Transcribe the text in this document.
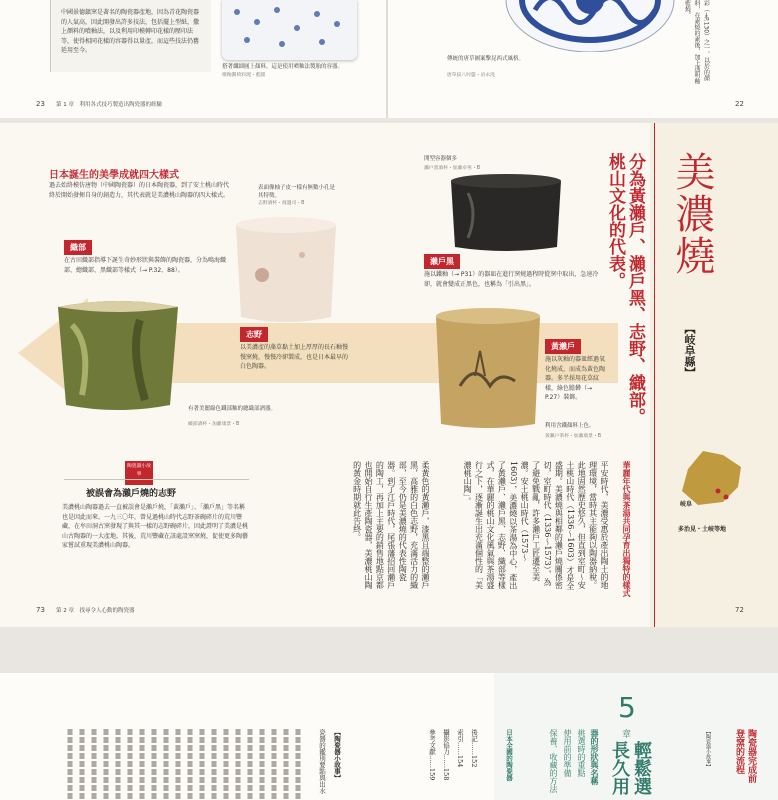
中國景德鎮窯是著名的陶瓷器產地，因為青花陶瓷器的人氣高，因此開發出許多技法，包括擺上型紙，撒上顏料的噴釉法，以及利用印模轉印花樣的壓印法等，使得相同花樣的容器得以量產，而這些技法仍舊延用至今。
搭著纖細圓上顏料，這是使用噴釉法製胎的容器。
噴釉圓椅料理・藍圓
傳統的唐草圖案擊昆西式風格。
唐草紋八吋盤・岩永洗	彩（→P.130）之一，以於的顏料，在素燒的素後，加上透明釉藍燒。
23 第 1 章　利用各式技巧製造出陶瓷器的經驗	22
日本誕生的美學成就四大樣式
過去始終模仿唐物（中國陶瓷器）的日本陶瓷器，到了安土桃山時代終於開始發揮自身的創造力，其代表就是美濃桃山陶器的四大樣式。
織部
在古田織部指導下誕生奇妙形狀與裝飾的陶瓷器，分為鳴海織部、總織部、黑織部等樣式（→ P.32、88）。
有著美麗綠色鐵部釉的總織部酒器。
織部酒杯・加藤康景・B
表面像柚子皮一樣有無數小孔是其特徵。
志野酒杯・渡邊司・B
志野
以美濃產的藻草黏土加上厚厚的長石釉慢慢窯燒，慢慢冷卻製成，也是日本最早的白色陶器。
開型容器個多
瀨戶黑酒杯・加藤卓男・B
瀨戶黑
施以鐵釉（→ P31）的器皿在進行窯燒過程時從窯中取出，急速冷卻，就會變成正黑色，也稱為「引出黑」。
黃瀨戶
施以灰釉的器皿經過氧化燒成，而成為黃色陶器。多半採用花草紋樣，綠色膽礬（→ P.27）裝飾。
利用含鐵顏料上色。
黃瀨戶茶杯・加藤康景・B
美濃燒
【岐阜縣】
分為黃瀨戶、瀨戶黑、志野、織部。桃山文化的代表。
岐阜
多治見・土岐等地
華麗年代與茶湯共同孕育出獨特的樣式
平安時代，美濃受惠於產出陶土的地理環境，當時其主能夠以陶器納稅。此地固然歷史悠久，但直到室町～安土桃山時代（1336～1603）才是全盛期。美濃燒與相鄰的瀨戶燒關係密切，室町時代（1336～1573），為了避免戰亂，許多瀨戶工匠遷至美濃。安土桃山時代（1573～1603），美濃燒以茶湯為中心，產出了黃瀨戶、瀨戶黑、志野、織部等樣式，在華麗的桃山文化風氣與茶湯盛行之下，逐漸誕生出充滿個性的「美濃桃山陶」。
柔黃色的黃瀨戶，漆黑且端整的瀨戶黑，高雅的白色志野，充滿活力的織部，至今仍是美濃燒的代表性陶瓷器。到了江戶時代，尾張藩招回瀨戶的陶工，再加上主要的銷售地點京都也開始自行生產陶瓷器，美濃桃山陶的黃金時期就此告終。
陶瓷器小故事
被誤會為瀨戶燒的志野
美濃桃山陶器過去一直被誤會是瀨戶燒，「黃瀨戶」、「瀨戶黑」等名稱也是因此而來。一九三〇年，曾見過桃山時代志野茶碗碎片的荒川豐藏，在牟田洞古窯發現了與其一樣的志野碗碎片，因此證明了美濃是桃山古陶器的一大產地。其後，荒川豐藏在該處設窯窯燒，促使更多陶藝家嘗試重現美濃桃山陶器。
73 第 2 章　找尋令人心動的陶瓷器	72
5
章
輕鬆選長久用	陶瓷器完成前
登窯的流程
【陶瓷器小故事】
器的形狀與名稱
挑選時的重點
使用前的準備
保養、收藏的方法
日本全國的陶瓷器
後記……152
索引……154
攝影協力……158
參考文獻……159
【陶瓷器小故事】
瓷器的鑑別要點與出水
